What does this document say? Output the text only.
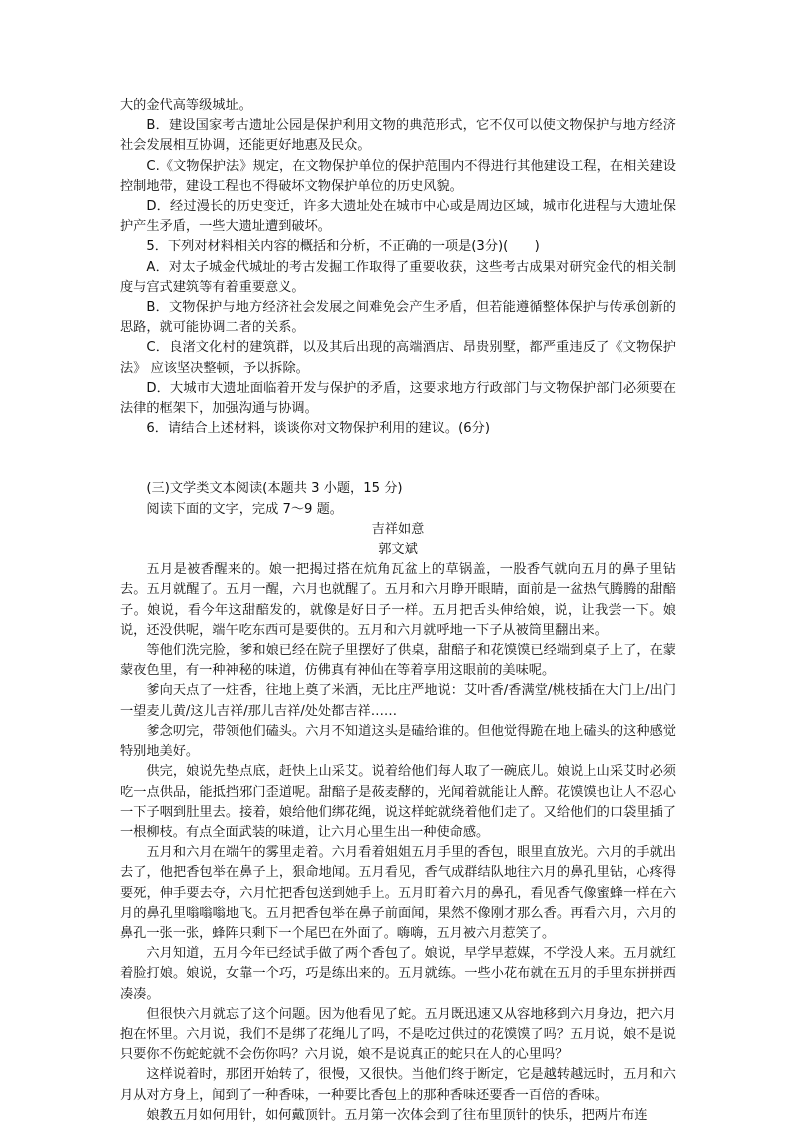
大的金代高等级城址。

B．建设国家考古遗址公园是保护利用文物的典范形式，它不仅可以使文物保护与地方经济社会发展相互协调，还能更好地惠及民众。

C.《文物保护法》规定，在文物保护单位的保护范围内不得进行其他建设工程，在相关建设控制地带，建设工程也不得破坏文物保护单位的历史风貌。

D．经过漫长的历史变迁，许多大遗址处在城市中心或是周边区域，城市化进程与大遗址保护产生矛盾，一些大遗址遭到破坏。

5．下列对材料相关内容的概括和分析，不正确的一项是(3分)(　　)

A．对太子城金代城址的考古发掘工作取得了重要收获，这些考古成果对研究金代的相关制度与宫式建筑等有着重要意义。

B．文物保护与地方经济社会发展之间难免会产生矛盾，但若能遵循整体保护与传承创新的思路，就可能协调二者的关系。

C．良渚文化村的建筑群，以及其后出现的高端酒店、昂贵别墅，都严重违反了《文物保护法》 应该坚决整顿，予以拆除。

D．大城市大遗址面临着开发与保护的矛盾，这要求地方行政部门与文物保护部门必须要在法律的框架下，加强沟通与协调。

6．请结合上述材料，谈谈你对文物保护利用的建议。(6分)

(三)文学类文本阅读(本题共 3 小题，15 分)

阅读下面的文字，完成 7～9 题。

吉祥如意

郭文斌

五月是被香醒来的。娘一把揭过搭在炕角瓦盆上的草锅盖，一股香气就向五月的鼻子里钻去。五月就醒了。五月一醒，六月也就醒了。五月和六月睁开眼睛，面前是一盆热气腾腾的甜醅子。娘说，看今年这甜醅发的，就像是好日子一样。五月把舌头伸给娘，说，让我尝一下。娘说，还没供呢，端午吃东西可是要供的。五月和六月就呼地一下子从被筒里翻出来。

等他们洗完脸，爹和娘已经在院子里摆好了供桌，甜醅子和花馍馍已经端到桌子上了，在蒙蒙夜色里，有一种神秘的味道，仿佛真有神仙在等着享用这眼前的美味呢。

爹向天点了一炷香，往地上奠了米酒，无比庄严地说：艾叶香/香满堂/桃枝插在大门上/出门一望麦儿黄/这儿吉祥/那儿吉祥/处处都吉祥……

爹念叨完，带领他们磕头。六月不知道这头是磕给谁的。但他觉得跪在地上磕头的这种感觉特别地美好。

供完，娘说先垫点底，赶快上山采艾。说着给他们每人取了一碗底儿。娘说上山采艾时必须吃一点供品，能抵挡邪门歪道呢。甜醅子是莜麦酵的，光闻着就能让人醉。花馍馍也让人不忍心一下子咽到肚里去。接着，娘给他们绑花绳，说这样蛇就绕着他们走了。又给他们的口袋里插了一根柳枝。有点全面武装的味道，让六月心里生出一种使命感。

五月和六月在端午的雾里走着。六月看着姐姐五月手里的香包，眼里直放光。六月的手就出去了，他把香包举在鼻子上，狠命地闻。五月看见，香气成群结队地往六月的鼻孔里钻，心疼得要死，伸手要去夺，六月忙把香包送到她手上。五月盯着六月的鼻孔，看见香气像蜜蜂一样在六月的鼻孔里嗡嗡嗡地飞。五月把香包举在鼻子前面闻，果然不像刚才那么香。再看六月，六月的鼻孔一张一张，蜂阵只剩下一个尾巴在外面了。嗨嗨，五月被六月惹笑了。

六月知道，五月今年已经试手做了两个香包了。娘说，早学早惹媒，不学没人来。五月就红着脸打娘。娘说，女靠一个巧，巧是练出来的。五月就练。一些小花布就在五月的手里东拼拼西凑凑。

但很快六月就忘了这个问题。因为他看见了蛇。五月既迅速又从容地移到六月身边，把六月抱在怀里。六月说，我们不是绑了花绳儿了吗，不是吃过供过的花馍馍了吗？五月说，娘不是说只要你不伤蛇蛇就不会伤你吗？六月说，娘不是说真正的蛇只在人的心里吗？

这样说着时，那团开始转了，很慢，又很快。当他们终于断定，它是越转越远时，五月和六月从对方身上，闻到了一种香味，一种要比香包上的那种香味还要香一百倍的香味。

娘教五月如何用针，如何戴顶针。五月第一次体会到了往布里顶针的快乐，把两片布连
